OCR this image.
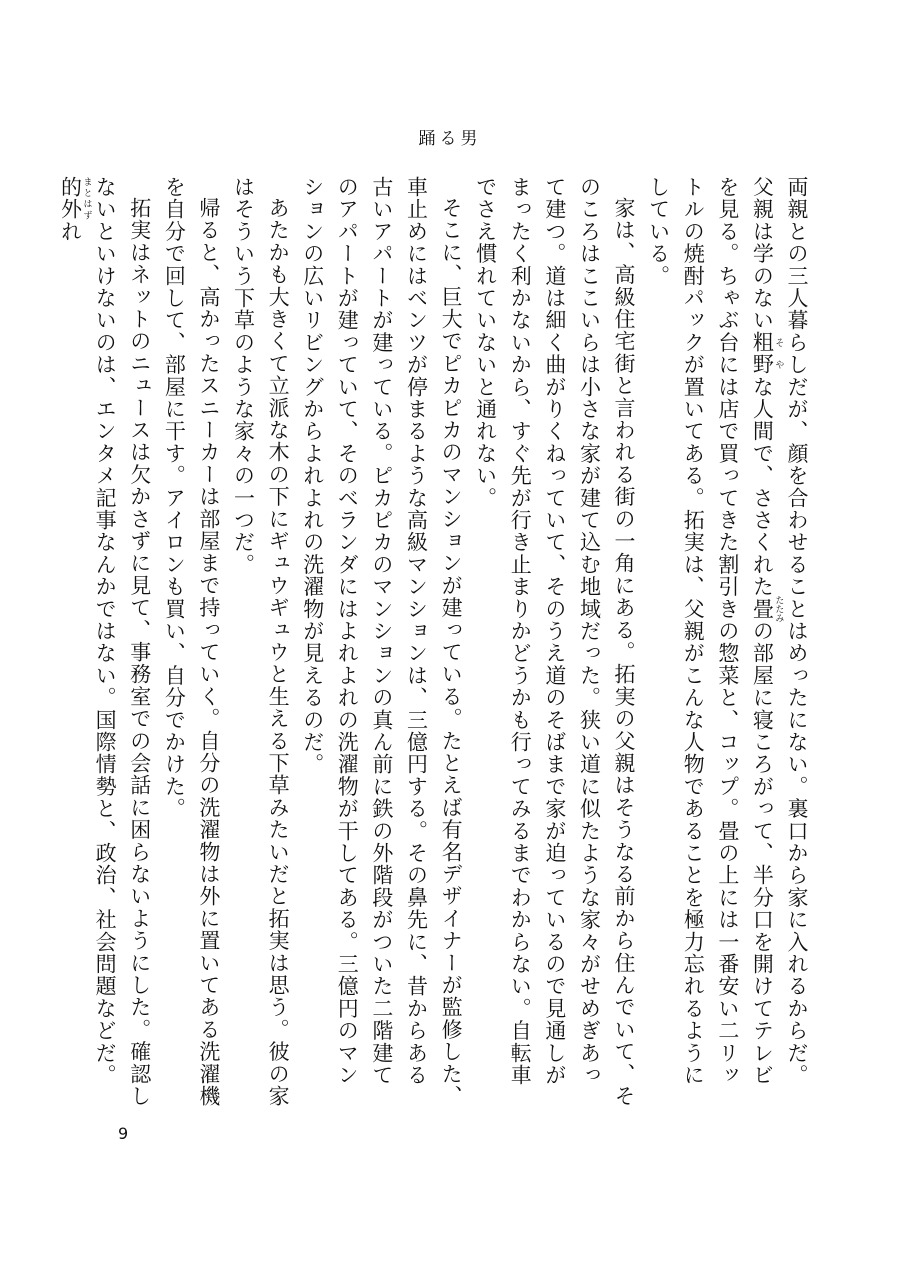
踊る男

両親との三人暮らしだが、顔を合わせることはめったにない。裏口から家に入れるからだ。父親は学のない粗野 そやな人間で、ささくれた畳 たたみの部屋に寝ころがって、半分口を開けてテレビを見る。ちゃぶ台には店で買ってきた割引きの惣菜と、コップ。畳の上には一番安い二リットルの焼酎パックが置いてある。拓実は、父親がこんな人物であることを極力忘れるようにしている。

家は、高級住宅街と言われる街の一角にある。拓実の父親はそうなる前から住んでいて、そのころはここいらは小さな家が建て込む地域だった。狭い道に似たような家々がせめぎあって建つ。道は細く曲がりくねっていて、そのうえ道のそばまで家が迫っているので見通しがまったく利かないから、すぐ先が行き止まりかどうかも行ってみるまでわからない。自転車でさえ慣れていないと通れない。

そこに、巨大でピカピカのマンションが建っている。たとえば有名デザイナーが監修した、車止めにはベンツが停まるような高級マンションは、三億円する。その鼻先に、昔からある古いアパートが建っている。ピカピカのマンションの真ん前に鉄の外階段がついた二階建てのアパートが建っていて、そのベランダにはよれよれの洗濯物が干してある。三億円のマンションの広いリビングからよれよれの洗濯物が見えるのだ。

あたかも大きくて立派な木の下にギュウギュウと生える下草みたいだと拓実は思う。彼の家はそういう下草のような家々の一つだ。

帰ると、高かったスニーカーは部屋まで持っていく。自分の洗濯物は外に置いてある洗濯機を自分で回して、部屋に干す。アイロンも買い、自分でかけた。

拓実はネットのニュースは欠かさずに見て、事務室での会話に困らないようにした。確認しないといけないのは、エンタメ記事なんかではない。国際情勢と、政治、社会問題などだ。的外 まとはずれ

9
